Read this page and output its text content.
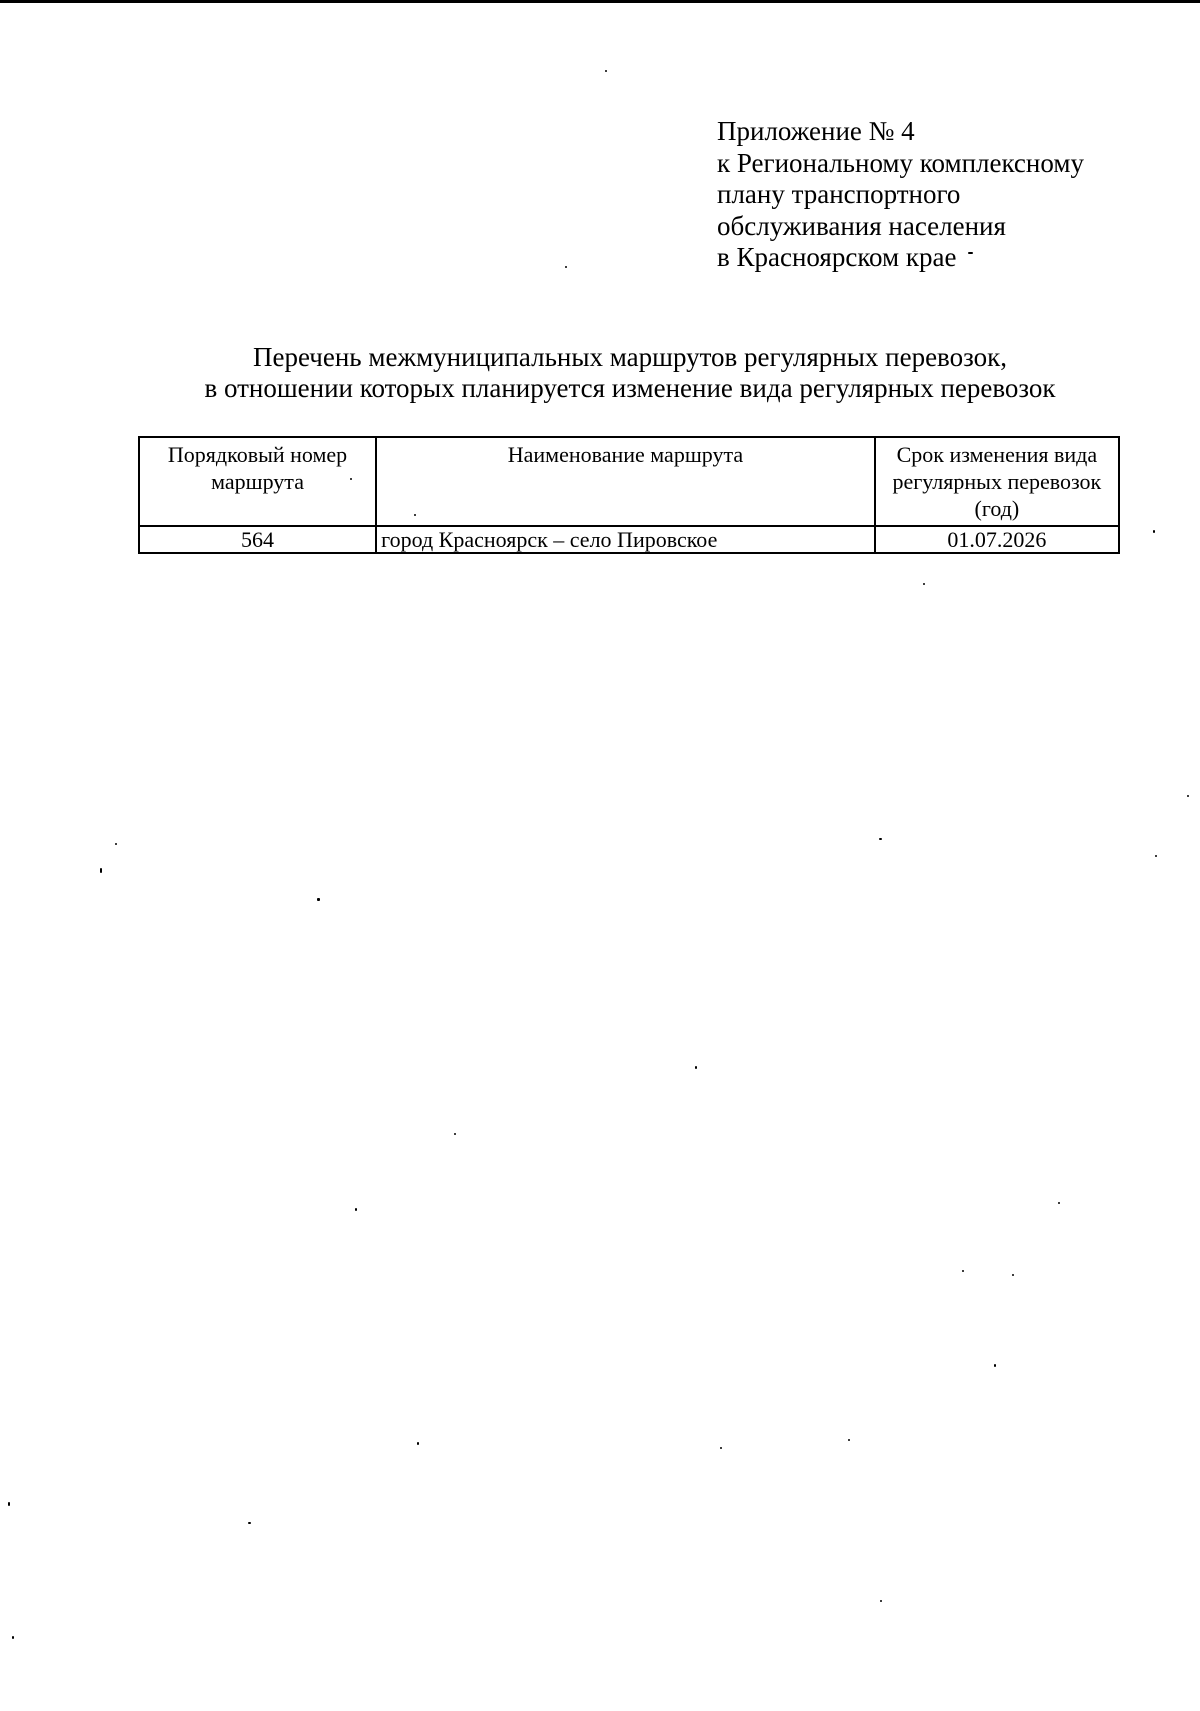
Приложение № 4
к Региональному комплексному
плану транспортного
обслуживания населения
в Красноярском крае
Перечень межмуниципальных маршрутов регулярных перевозок,
в отношении которых планируется изменение вида регулярных перевозок
Порядковый номер маршрута	Наименование маршрута	Срок изменения вида регулярных перевозок (год)
564	город Красноярск – село Пировское	01.07.2026
